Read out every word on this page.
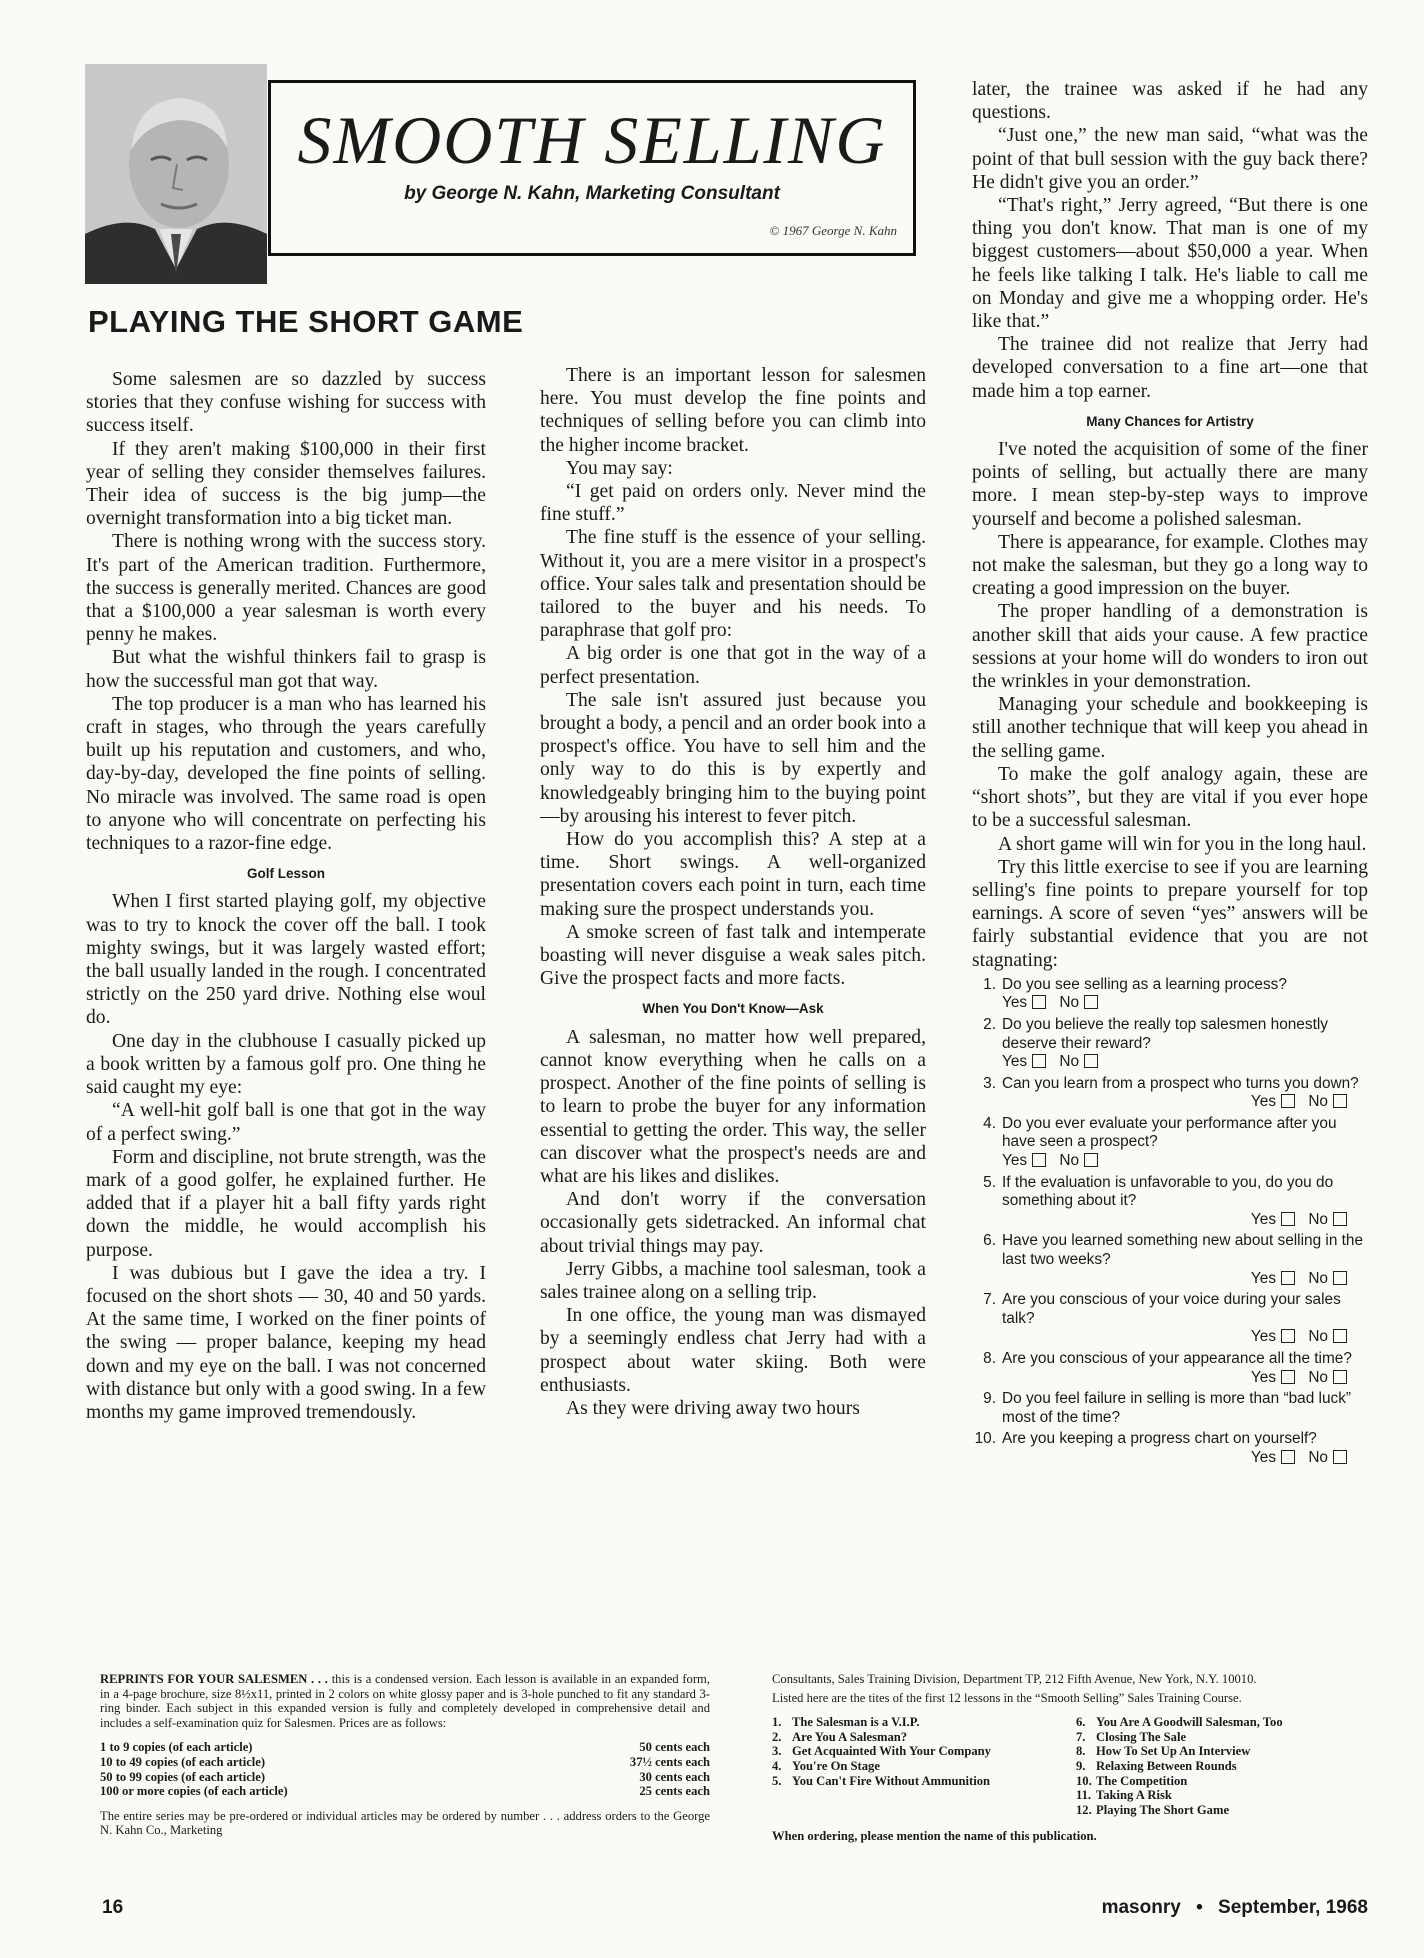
SMOOTH SELLING
by George N. Kahn, Marketing Consultant
© 1967 George N. Kahn
PLAYING THE SHORT GAME

Some salesmen are so dazzled by success stories that they confuse wishing for success with success itself.

If they aren't making $100,000 in their first year of selling they consider themselves failures. Their idea of success is the big jump—the overnight transformation into a big ticket man.

There is nothing wrong with the success story. It's part of the American tradition. Furthermore, the success is generally merited. Chances are good that a $100,000 a year salesman is worth every penny he makes.

But what the wishful thinkers fail to grasp is how the successful man got that way.

The top producer is a man who has learned his craft in stages, who through the years carefully built up his reputation and customers, and who, day-by-day, developed the fine points of selling. No miracle was involved. The same road is open to anyone who will concentrate on perfecting his techniques to a razor-fine edge.

Golf Lesson

When I first started playing golf, my objective was to try to knock the cover off the ball. I took mighty swings, but it was largely wasted effort; the ball usually landed in the rough. I concentrated strictly on the 250 yard drive. Nothing else woul do.

One day in the clubhouse I casually picked up a book written by a famous golf pro. One thing he said caught my eye:

“A well-hit golf ball is one that got in the way of a perfect swing.”

Form and discipline, not brute strength, was the mark of a good golfer, he explained further. He added that if a player hit a ball fifty yards right down the middle, he would accomplish his purpose.

I was dubious but I gave the idea a try. I focused on the short shots — 30, 40 and 50 yards. At the same time, I worked on the finer points of the swing — proper balance, keeping my head down and my eye on the ball. I was not concerned with distance but only with a good swing. In a few months my game improved tremendously.

There is an important lesson for salesmen here. You must develop the fine points and techniques of selling before you can climb into the higher income bracket.

You may say:

“I get paid on orders only. Never mind the fine stuff.”

The fine stuff is the essence of your selling. Without it, you are a mere visitor in a prospect's office. Your sales talk and presentation should be tailored to the buyer and his needs. To paraphrase that golf pro:

A big order is one that got in the way of a perfect presentation.

The sale isn't assured just because you brought a body, a pencil and an order book into a prospect's office. You have to sell him and the only way to do this is by expertly and knowledgeably bringing him to the buying point—by arousing his interest to fever pitch.

How do you accomplish this? A step at a time. Short swings. A well-organized presentation covers each point in turn, each time making sure the prospect understands you.

A smoke screen of fast talk and intemperate boasting will never disguise a weak sales pitch. Give the prospect facts and more facts.

When You Don't Know—Ask

A salesman, no matter how well prepared, cannot know everything when he calls on a prospect. Another of the fine points of selling is to learn to probe the buyer for any information essential to getting the order. This way, the seller can discover what the prospect's needs are and what are his likes and dislikes.

And don't worry if the conversation occasionally gets sidetracked. An informal chat about trivial things may pay.

Jerry Gibbs, a machine tool salesman, took a sales trainee along on a selling trip.

In one office, the young man was dismayed by a seemingly endless chat Jerry had with a prospect about water skiing. Both were enthusiasts.

As they were driving away two hours

later, the trainee was asked if he had any questions.

“Just one,” the new man said, “what was the point of that bull session with the guy back there? He didn't give you an order.”

“That's right,” Jerry agreed, “But there is one thing you don't know. That man is one of my biggest customers—about $50,000 a year. When he feels like talking I talk. He's liable to call me on Monday and give me a whopping order. He's like that.”

The trainee did not realize that Jerry had developed conversation to a fine art—one that made him a top earner.

Many Chances for Artistry

I've noted the acquisition of some of the finer points of selling, but actually there are many more. I mean step-by-step ways to improve yourself and become a polished salesman.

There is appearance, for example. Clothes may not make the salesman, but they go a long way to creating a good impression on the buyer.

The proper handling of a demonstration is another skill that aids your cause. A few practice sessions at your home will do wonders to iron out the wrinkles in your demonstration.

Managing your schedule and bookkeeping is still another technique that will keep you ahead in the selling game.

To make the golf analogy again, these are “short shots”, but they are vital if you ever hope to be a successful salesman.

A short game will win for you in the long haul.

Try this little exercise to see if you are learning selling's fine points to prepare yourself for top earnings. A score of seven “yes” answers will be fairly substantial evidence that you are not stagnating:

1. Do you see selling as a learning process?
Yes No
2. Do you believe the really top salesmen honestly deserve their reward?
Yes No
3. Can you learn from a prospect who turns you down?
Yes No
4. Do you ever evaluate your performance after you have seen a prospect?
Yes No
5. If the evaluation is unfavorable to you, do you do something about it?
Yes No
6. Have you learned something new about selling in the last two weeks?
Yes No
7. Are you conscious of your voice during your sales talk?
Yes No
8. Are you conscious of your appearance all the time?
Yes No
9. Do you feel failure in selling is more than “bad luck” most of the time?
10. Are you keeping a progress chart on yourself?
Yes No
REPRINTS FOR YOUR SALESMEN . . . this is a condensed version. Each lesson is available in an expanded form, in a 4-page brochure, size 8½x11, printed in 2 colors on white glossy paper and is 3-hole punched to fit any standard 3-ring binder. Each subject in this expanded version is fully and completely developed in comprehensive detail and includes a self-examination quiz for Salesmen. Prices are as follows:
1 to 9 copies (of each article)	50 cents each
10 to 49 copies (of each article)	37½ cents each
50 to 99 copies (of each article)	30 cents each
100 or more copies (of each article)	25 cents each
The entire series may be pre-ordered or individual articles may be ordered by number . . . address orders to the George N. Kahn Co., Marketing
Consultants, Sales Training Division, Department TP, 212 Fifth Avenue, New York, N.Y. 10010.
Listed here are the tites of the first 12 lessons in the “Smooth Selling” Sales Training Course.
1. The Salesman is a V.I.P.
2. Are You A Salesman?
3. Get Acquainted With Your Company
4. You're On Stage
5. You Can't Fire Without Ammunition
6. You Are A Goodwill Salesman, Too
7. Closing The Sale
8. How To Set Up An Interview
9. Relaxing Between Rounds
10. The Competition
11. Taking A Risk
12. Playing The Short Game
When ordering, please mention the name of this publication.
16	masonry • September, 1968
